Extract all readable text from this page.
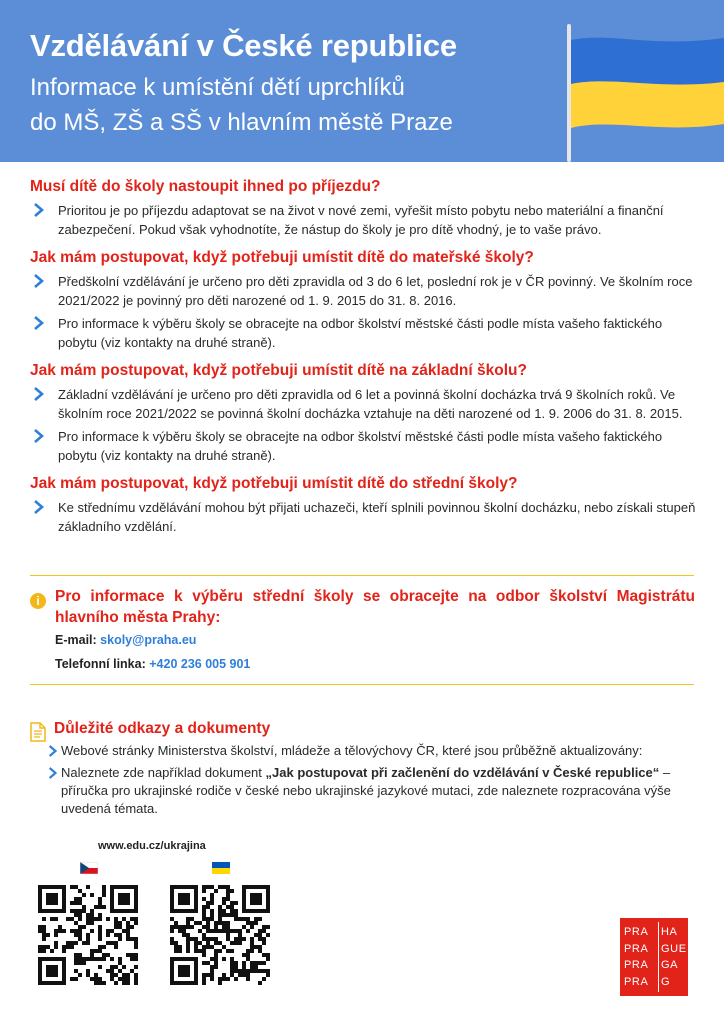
Vzdělávání v České republice
Informace k umístění dětí uprchlíků
do MŠ, ZŠ a SŠ v hlavním městě Praze
Musí dítě do školy nastoupit ihned po příjezdu?
Prioritou je po příjezdu adaptovat se na život v nové zemi, vyřešit místo pobytu nebo materiální a finanční zabezpečení. Pokud však vyhodnotíte, že nástup do školy je pro dítě vhodný, je to vaše právo.
Jak mám postupovat, když potřebuji umístit dítě do mateřské školy?
Předškolní vzdělávání je určeno pro děti zpravidla od 3 do 6 let, poslední rok je v ČR povinný. Ve školním roce 2021/2022 je povinný pro děti narozené od 1. 9. 2015 do 31. 8. 2016.
Pro informace k výběru školy se obracejte na odbor školství městské části podle místa vašeho faktického pobytu (viz kontakty na druhé straně).
Jak mám postupovat, když potřebuji umístit dítě na základní školu?
Základní vzdělávání je určeno pro děti zpravidla od 6 let a povinná školní docházka trvá 9 školních roků. Ve školním roce 2021/2022 se povinná školní docházka vztahuje na děti narozené od 1. 9. 2006 do 31. 8. 2015.
Pro informace k výběru školy se obracejte na odbor školství městské části podle místa vašeho faktického pobytu (viz kontakty na druhé straně).
Jak mám postupovat, když potřebuji umístit dítě do střední školy?
Ke střednímu vzdělávání mohou být přijati uchazeči, kteří splnili povinnou školní docházku, nebo získali stupeň základního vzdělání.
i Pro informace k výběru střední školy se obracejte na odbor školství Magistrátu hlavního města Prahy:
E-mail: skoly@praha.eu
Telefonní linka: +420 236 005 901
Důležité odkazy a dokumenty
Webové stránky Ministerstva školství, mládeže a tělovýchovy ČR, které jsou průběžně aktualizovány:
Naleznete zde například dokument „Jak postupovat při začlenění do vzdělávání v České republice“ – příručka pro ukrajinské rodiče v české nebo ukrajinské jazykové mutaci, zde naleznete rozpracována výše uvedená témata.
www.edu.cz/ukrajina
PRA
PRA
PRA
PRA
HA
GUE
GA
G
